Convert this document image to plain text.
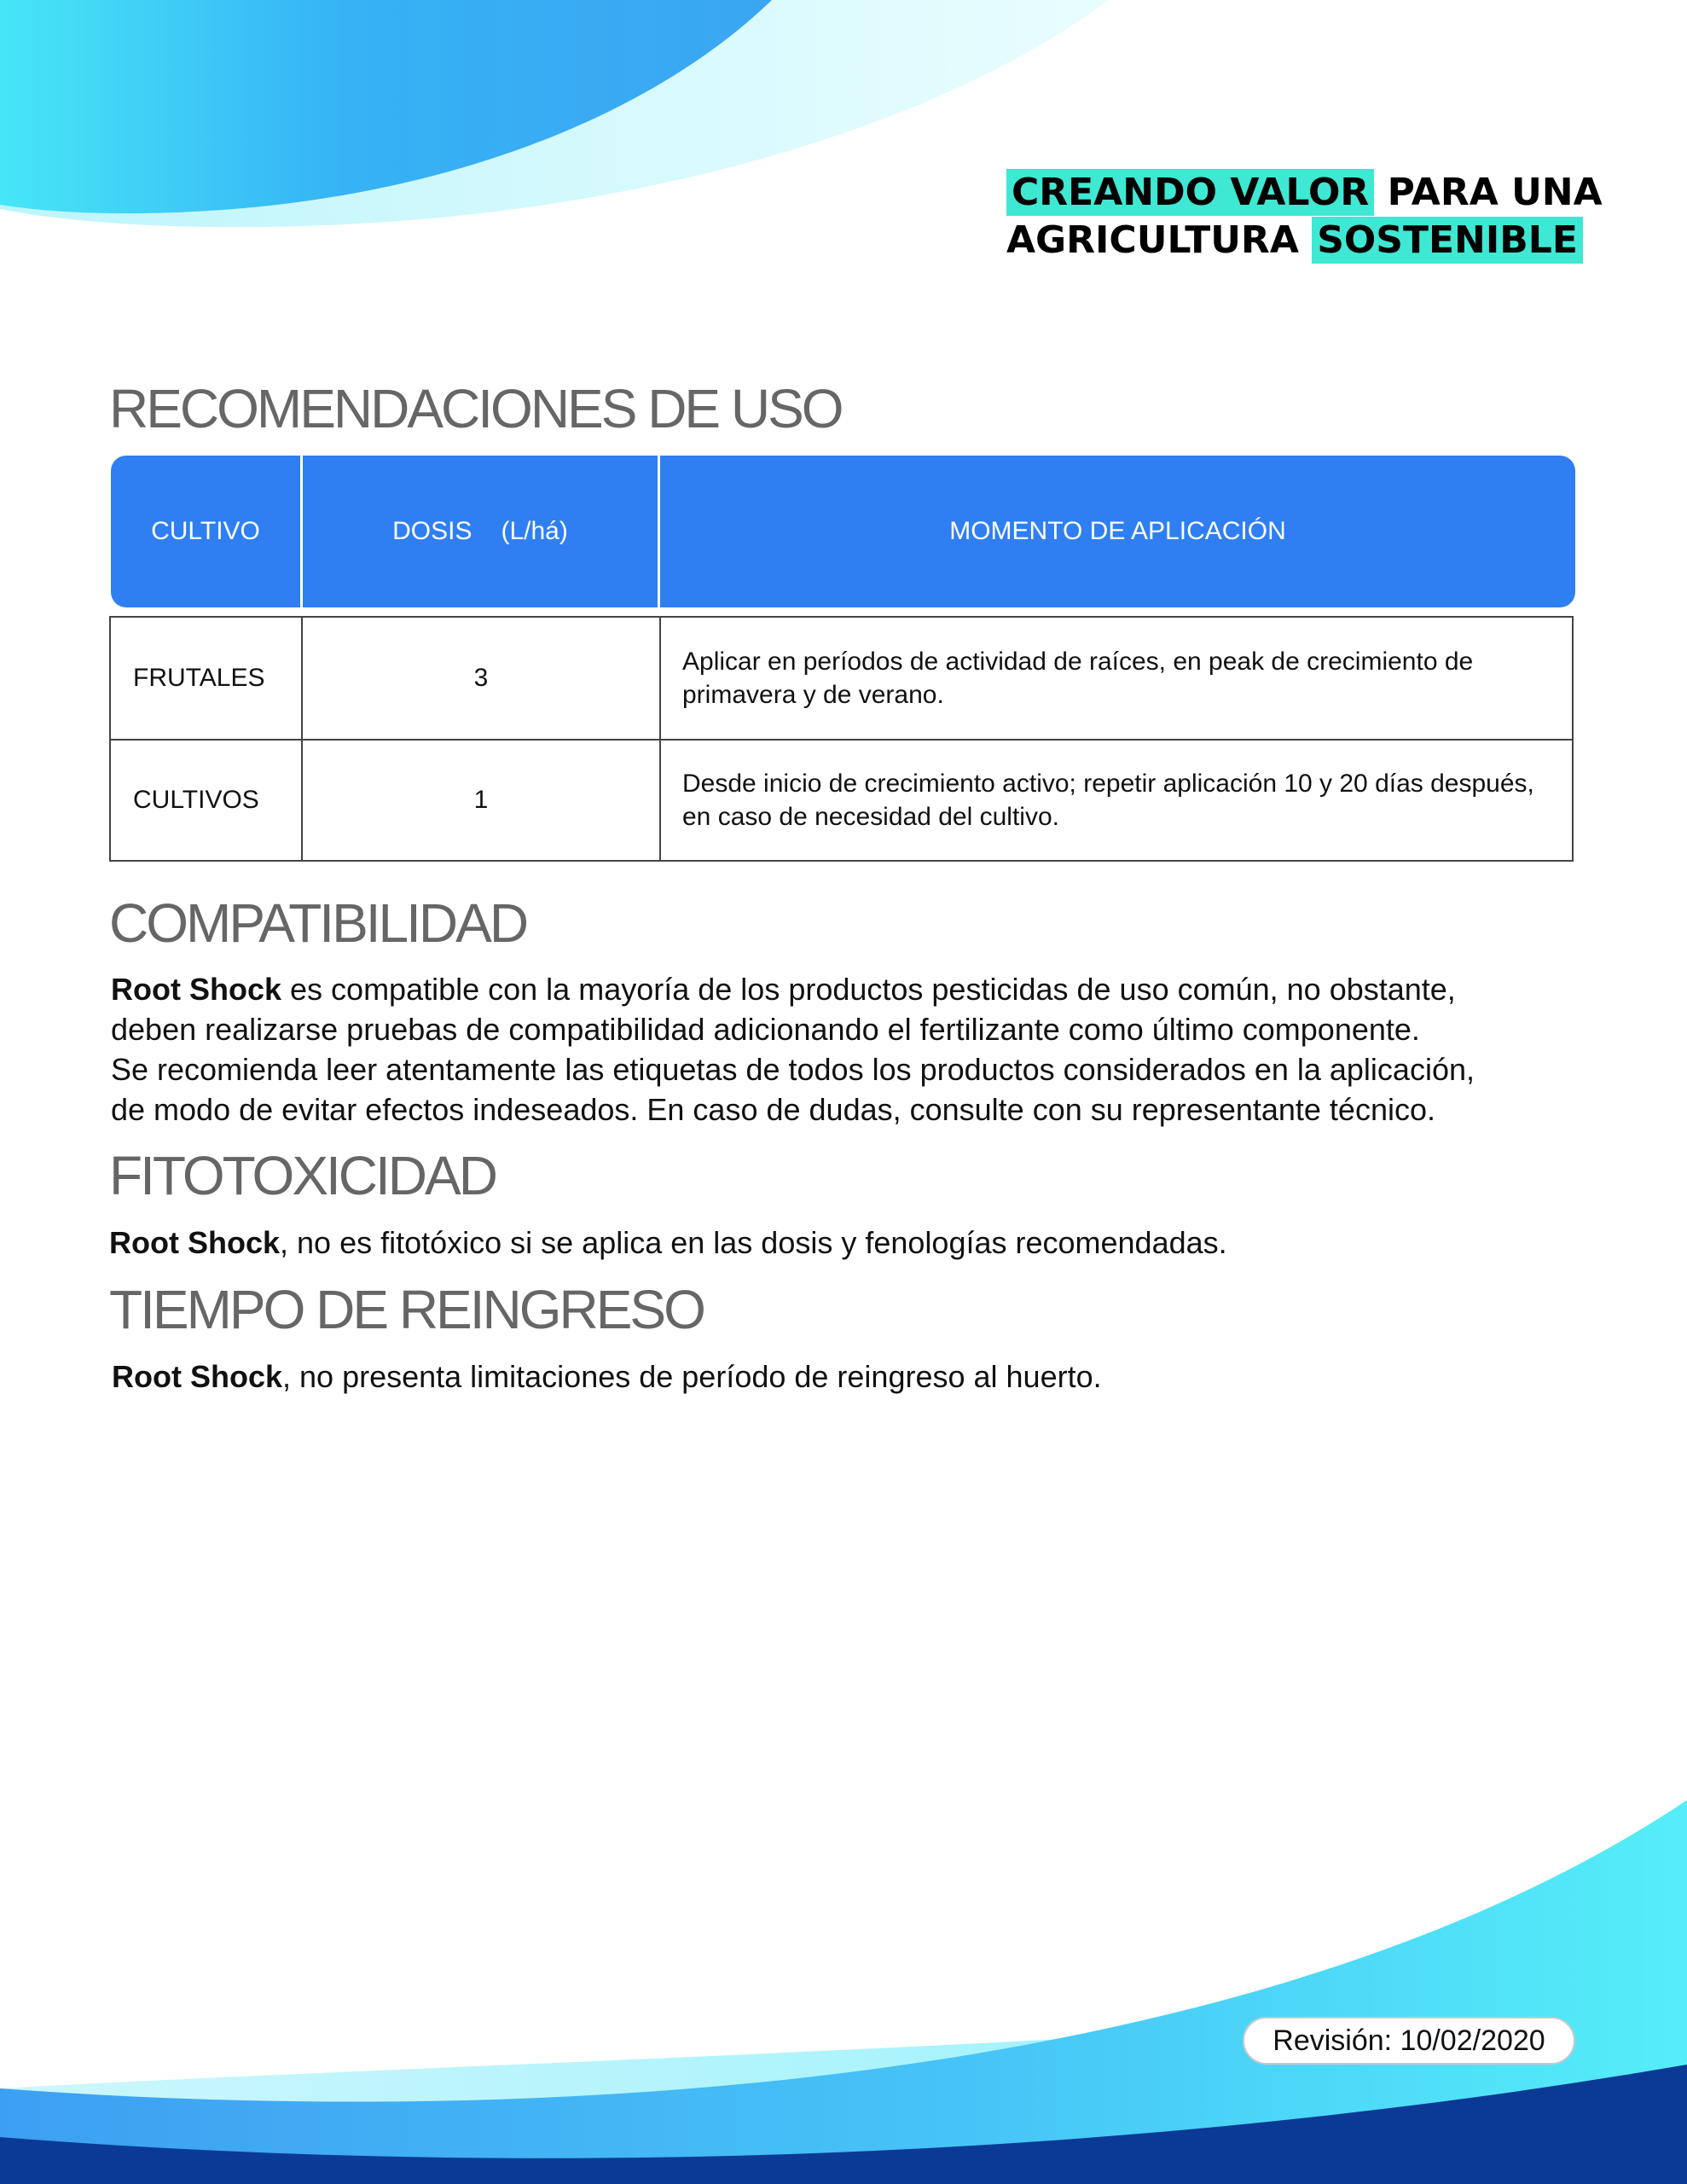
CREANDO VALOR PARA UNA
AGRICULTURA SOSTENIBLE
RECOMENDACIONES DE USO
CULTIVO	DOSIS (L/há)	MOMENTO DE APLICACIÓN
FRUTALES	3
Aplicar en períodos de actividad de raíces, en peak de crecimiento de
primavera y de verano.
CULTIVOS	1
Desde inicio de crecimiento activo; repetir aplicación 10 y 20 días después,
en caso de necesidad del cultivo.
COMPATIBILIDAD
Root Shock es compatible con la mayoría de los productos pesticidas de uso común, no obstante,
deben realizarse pruebas de compatibilidad adicionando el fertilizante como último componente.
Se recomienda leer atentamente las etiquetas de todos los productos considerados en la aplicación,
de modo de evitar efectos indeseados. En caso de dudas, consulte con su representante técnico.
FITOTOXICIDAD
Root Shock, no es fitotóxico si se aplica en las dosis y fenologías recomendadas.
TIEMPO DE REINGRESO
Root Shock, no presenta limitaciones de período de reingreso al huerto.
Revisión: 10/02/2020
